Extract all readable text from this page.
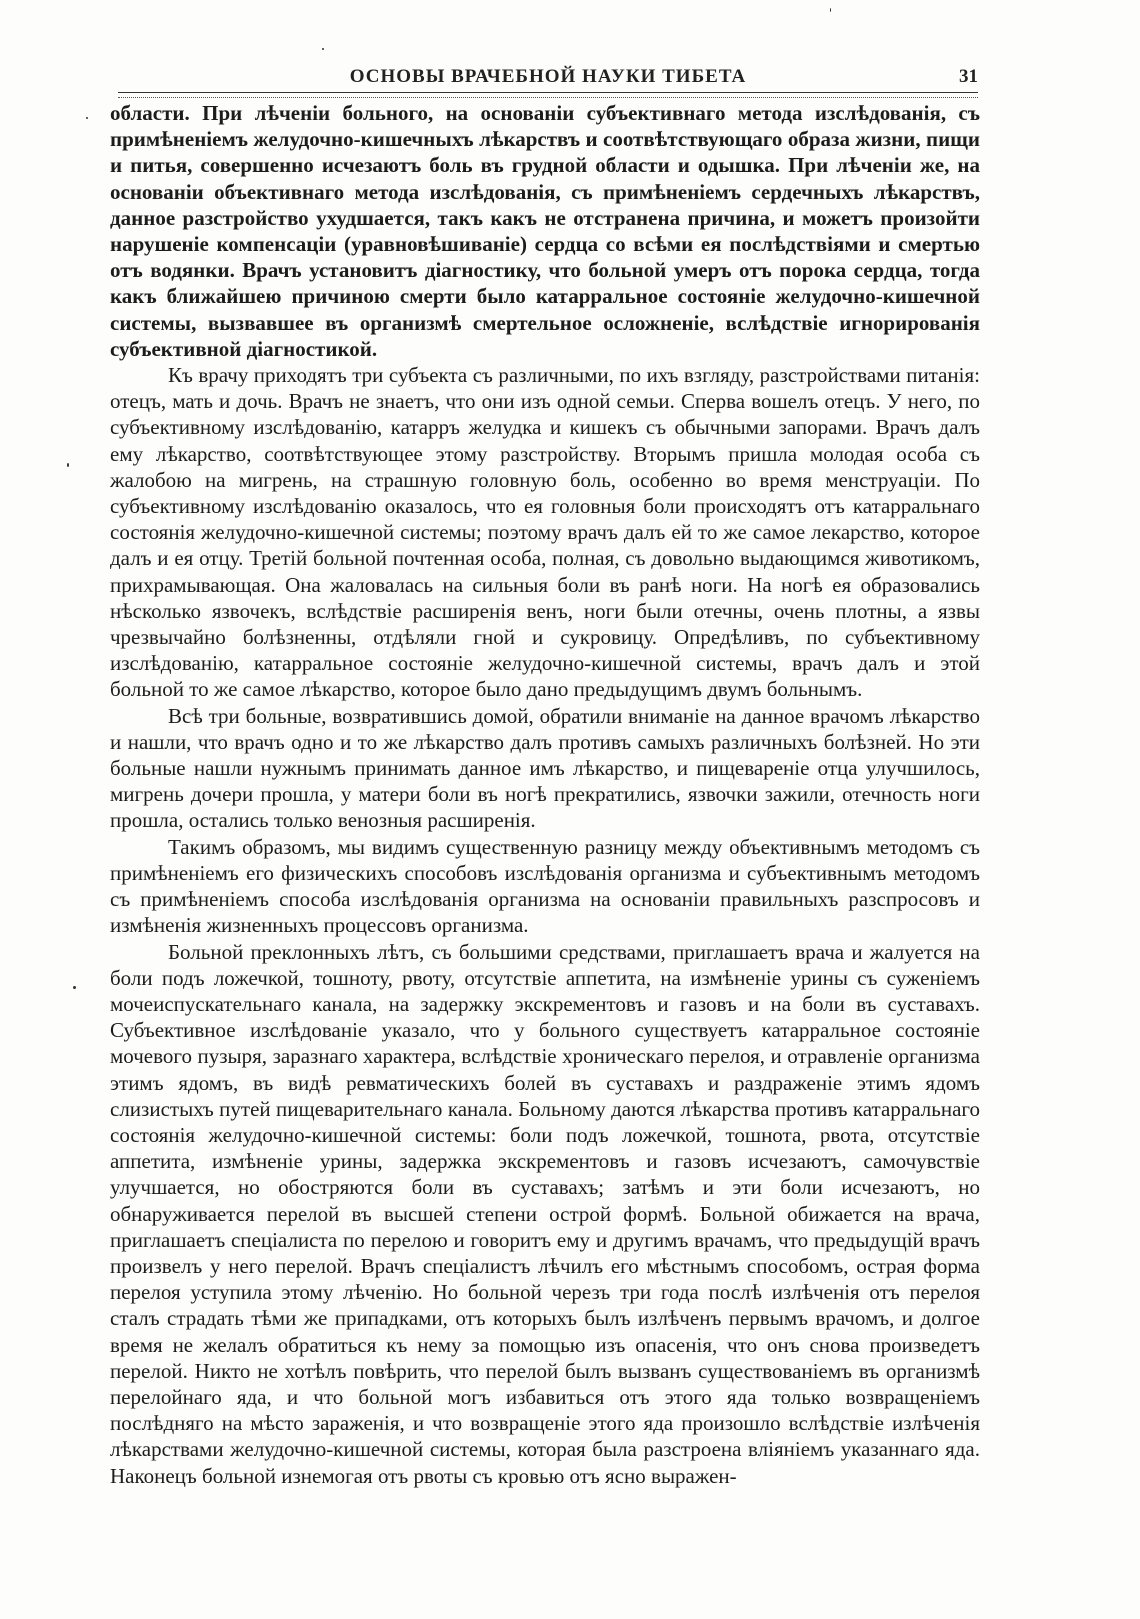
ОСНОВЫ ВРАЧЕБНОЙ НАУКИ ТИБЕТА	31

области. При лѣченіи больного, на основаніи субъективнаго метода изслѣдованія, съ примѣненіемъ желудочно-кишечныхъ лѣкарствъ и соотвѣтствующаго образа жизни, пищи и питья, совершенно исчезаютъ боль въ грудной области и одышка. При лѣченіи же, на основаніи объективнаго метода изслѣдованія, съ примѣненіемъ сердечныхъ лѣкарствъ, данное разстройство ухудшается, такъ какъ не отстранена причина, и можетъ произойти нарушеніе компенсаціи (уравновѣшиваніе) сердца со всѣми ея послѣдствіями и смертью отъ водянки. Врачъ установитъ діагностику, что больной умеръ отъ порока сердца, тогда какъ ближайшею причиною смерти было катарральное состояніе желудочно-кишечной системы, вызвавшее въ организмѣ смертельное осложненіе, вслѣдствіе игнорированія субъективной діагностикой.

Къ врачу приходятъ три субъекта съ различными, по ихъ взгляду, разстройствами питанія: отецъ, мать и дочь. Врачъ не знаетъ, что они изъ одной семьи. Сперва вошелъ отецъ. У него, по субъективному изслѣдованію, катарръ желудка и кишекъ съ обычными запорами. Врачъ далъ ему лѣкарство, соотвѣтствующее этому разстройству. Вторымъ пришла молодая особа съ жалобою на мигрень, на страшную головную боль, особенно во время менструаціи. По субъективному изслѣдованію оказалось, что ея головныя боли происходятъ отъ катарральнаго состоянія желудочно-кишечной системы; поэтому врачъ далъ ей то же самое лекарство, которое далъ и ея отцу. Третій больной почтенная особа, полная, съ довольно выдающимся животикомъ, прихрамывающая. Она жаловалась на сильныя боли въ ранѣ ноги. На ногѣ ея образовались нѣсколько язвочекъ, вслѣдствіе расширенія венъ, ноги были отечны, очень плотны, а язвы чрезвычайно болѣзненны, отдѣляли гной и сукровицу. Опредѣливъ, по субъективному изслѣдованію, катарральное состояніе желудочно-кишечной системы, врачъ далъ и этой больной то же самое лѣкарство, которое было дано предыдущимъ двумъ больнымъ.

Всѣ три больные, возвратившись домой, обратили вниманіе на данное врачомъ лѣкарство и нашли, что врачъ одно и то же лѣкарство далъ противъ самыхъ различныхъ болѣзней. Но эти больные нашли нужнымъ принимать данное имъ лѣкарство, и пищевареніе отца улучшилось, мигрень дочери прошла, у матери боли въ ногѣ прекратились, язвочки зажили, отечность ноги прошла, остались только венозныя расширенія.

Такимъ образомъ, мы видимъ существенную разницу между объективнымъ методомъ съ примѣненіемъ его физическихъ способовъ изслѣдованія организма и субъективнымъ методомъ съ примѣненіемъ способа изслѣдованія организма на основаніи правильныхъ разспросовъ и измѣненія жизненныхъ процессовъ организма.

Больной преклонныхъ лѣтъ, съ большими средствами, приглашаетъ врача и жалуется на боли подъ ложечкой, тошноту, рвоту, отсутствіе аппетита, на измѣненіе урины съ суженіемъ мочеиспускательнаго канала, на задержку экскрементовъ и газовъ и на боли въ суставахъ. Субъективное изслѣдованіе указало, что у больного существуетъ катарральное состояніе мочевого пузыря, заразнаго характера, вслѣдствіе хроническаго перелоя, и отравленіе организма этимъ ядомъ, въ видѣ ревматическихъ болей въ суставахъ и раздраженіе этимъ ядомъ слизистыхъ путей пищеварительнаго канала. Больному даются лѣкарства противъ катарральнаго состоянія желудочно-кишечной системы: боли подъ ложечкой, тошнота, рвота, отсутствіе аппетита, измѣненіе урины, задержка экскрементовъ и газовъ исчезаютъ, самочувствіе улучшается, но обостряются боли въ суставахъ; затѣмъ и эти боли исчезаютъ, но обнаруживается перелой въ высшей степени острой формѣ. Больной обижается на врача, приглашаетъ спеціалиста по перелою и говоритъ ему и другимъ врачамъ, что предыдущій врачъ произвелъ у него перелой. Врачъ спеціалистъ лѣчилъ его мѣстнымъ способомъ, острая форма перелоя уступила этому лѣченію. Но больной черезъ три года послѣ излѣченія отъ перелоя сталъ страдать тѣми же припадками, отъ которыхъ былъ излѣченъ первымъ врачомъ, и долгое время не желалъ обратиться къ нему за помощью изъ опасенія, что онъ снова произведетъ перелой. Никто не хотѣлъ повѣрить, что перелой былъ вызванъ существованіемъ въ организмѣ перелойнаго яда, и что больной могъ избавиться отъ этого яда только возвращеніемъ послѣдняго на мѣсто зараженія, и что возвращеніе этого яда произошло вслѣдствіе излѣченія лѣкарствами желудочно-кишечной системы, которая была разстроена вліяніемъ указаннаго яда. Наконецъ больной изнемогая отъ рвоты съ кровью отъ ясно выражен-
